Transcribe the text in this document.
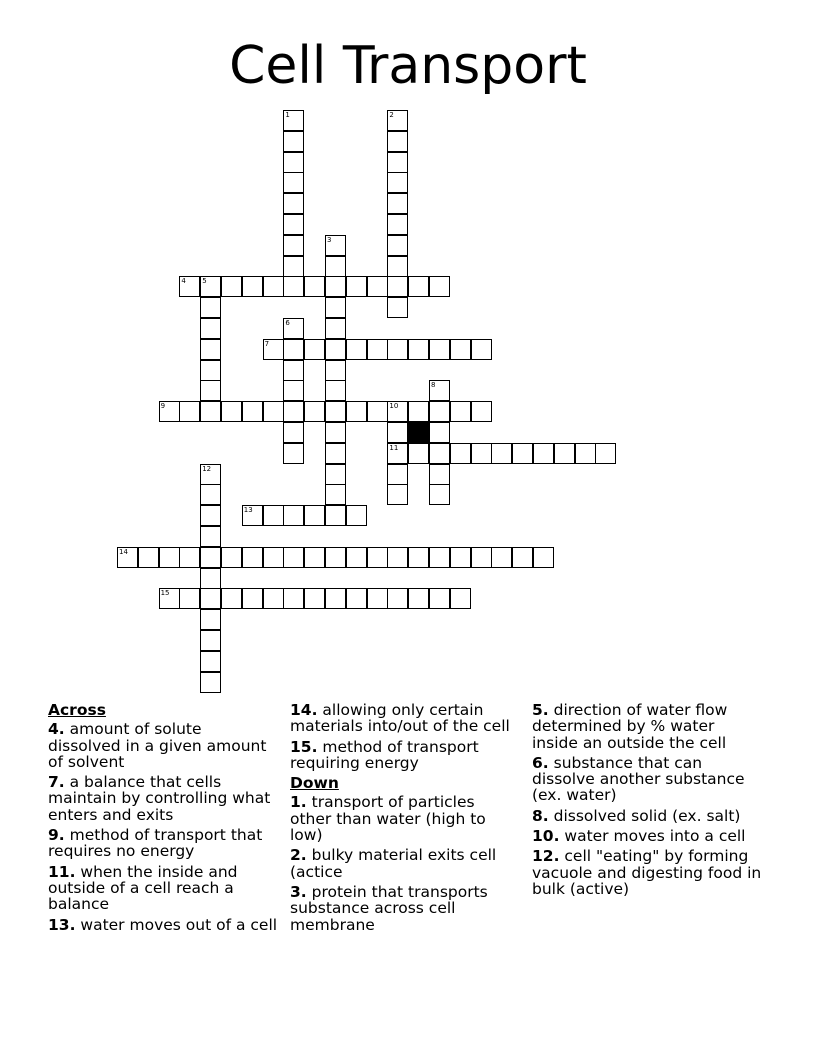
Cell Transport
1	2
3
4 5
6
7
8
9	10
11
12
13
14
15
Across
4. amount of solute dissolved in a given amount of solvent
7. a balance that cells maintain by controlling what enters and exits
9. method of transport that requires no energy
11. when the inside and outside of a cell reach a balance
13. water moves out of a cell
14. allowing only certain materials into/out of the cell
15. method of transport requiring energy
Down
1. transport of particles other than water (high to low)
2. bulky material exits cell (actice
3. protein that transports substance across cell membrane
5. direction of water flow determined by % water inside an outside the cell
6. substance that can dissolve another substance (ex. water)
8. dissolved solid (ex. salt)
10. water moves into a cell
12. cell "eating" by forming vacuole and digesting food in bulk (active)
